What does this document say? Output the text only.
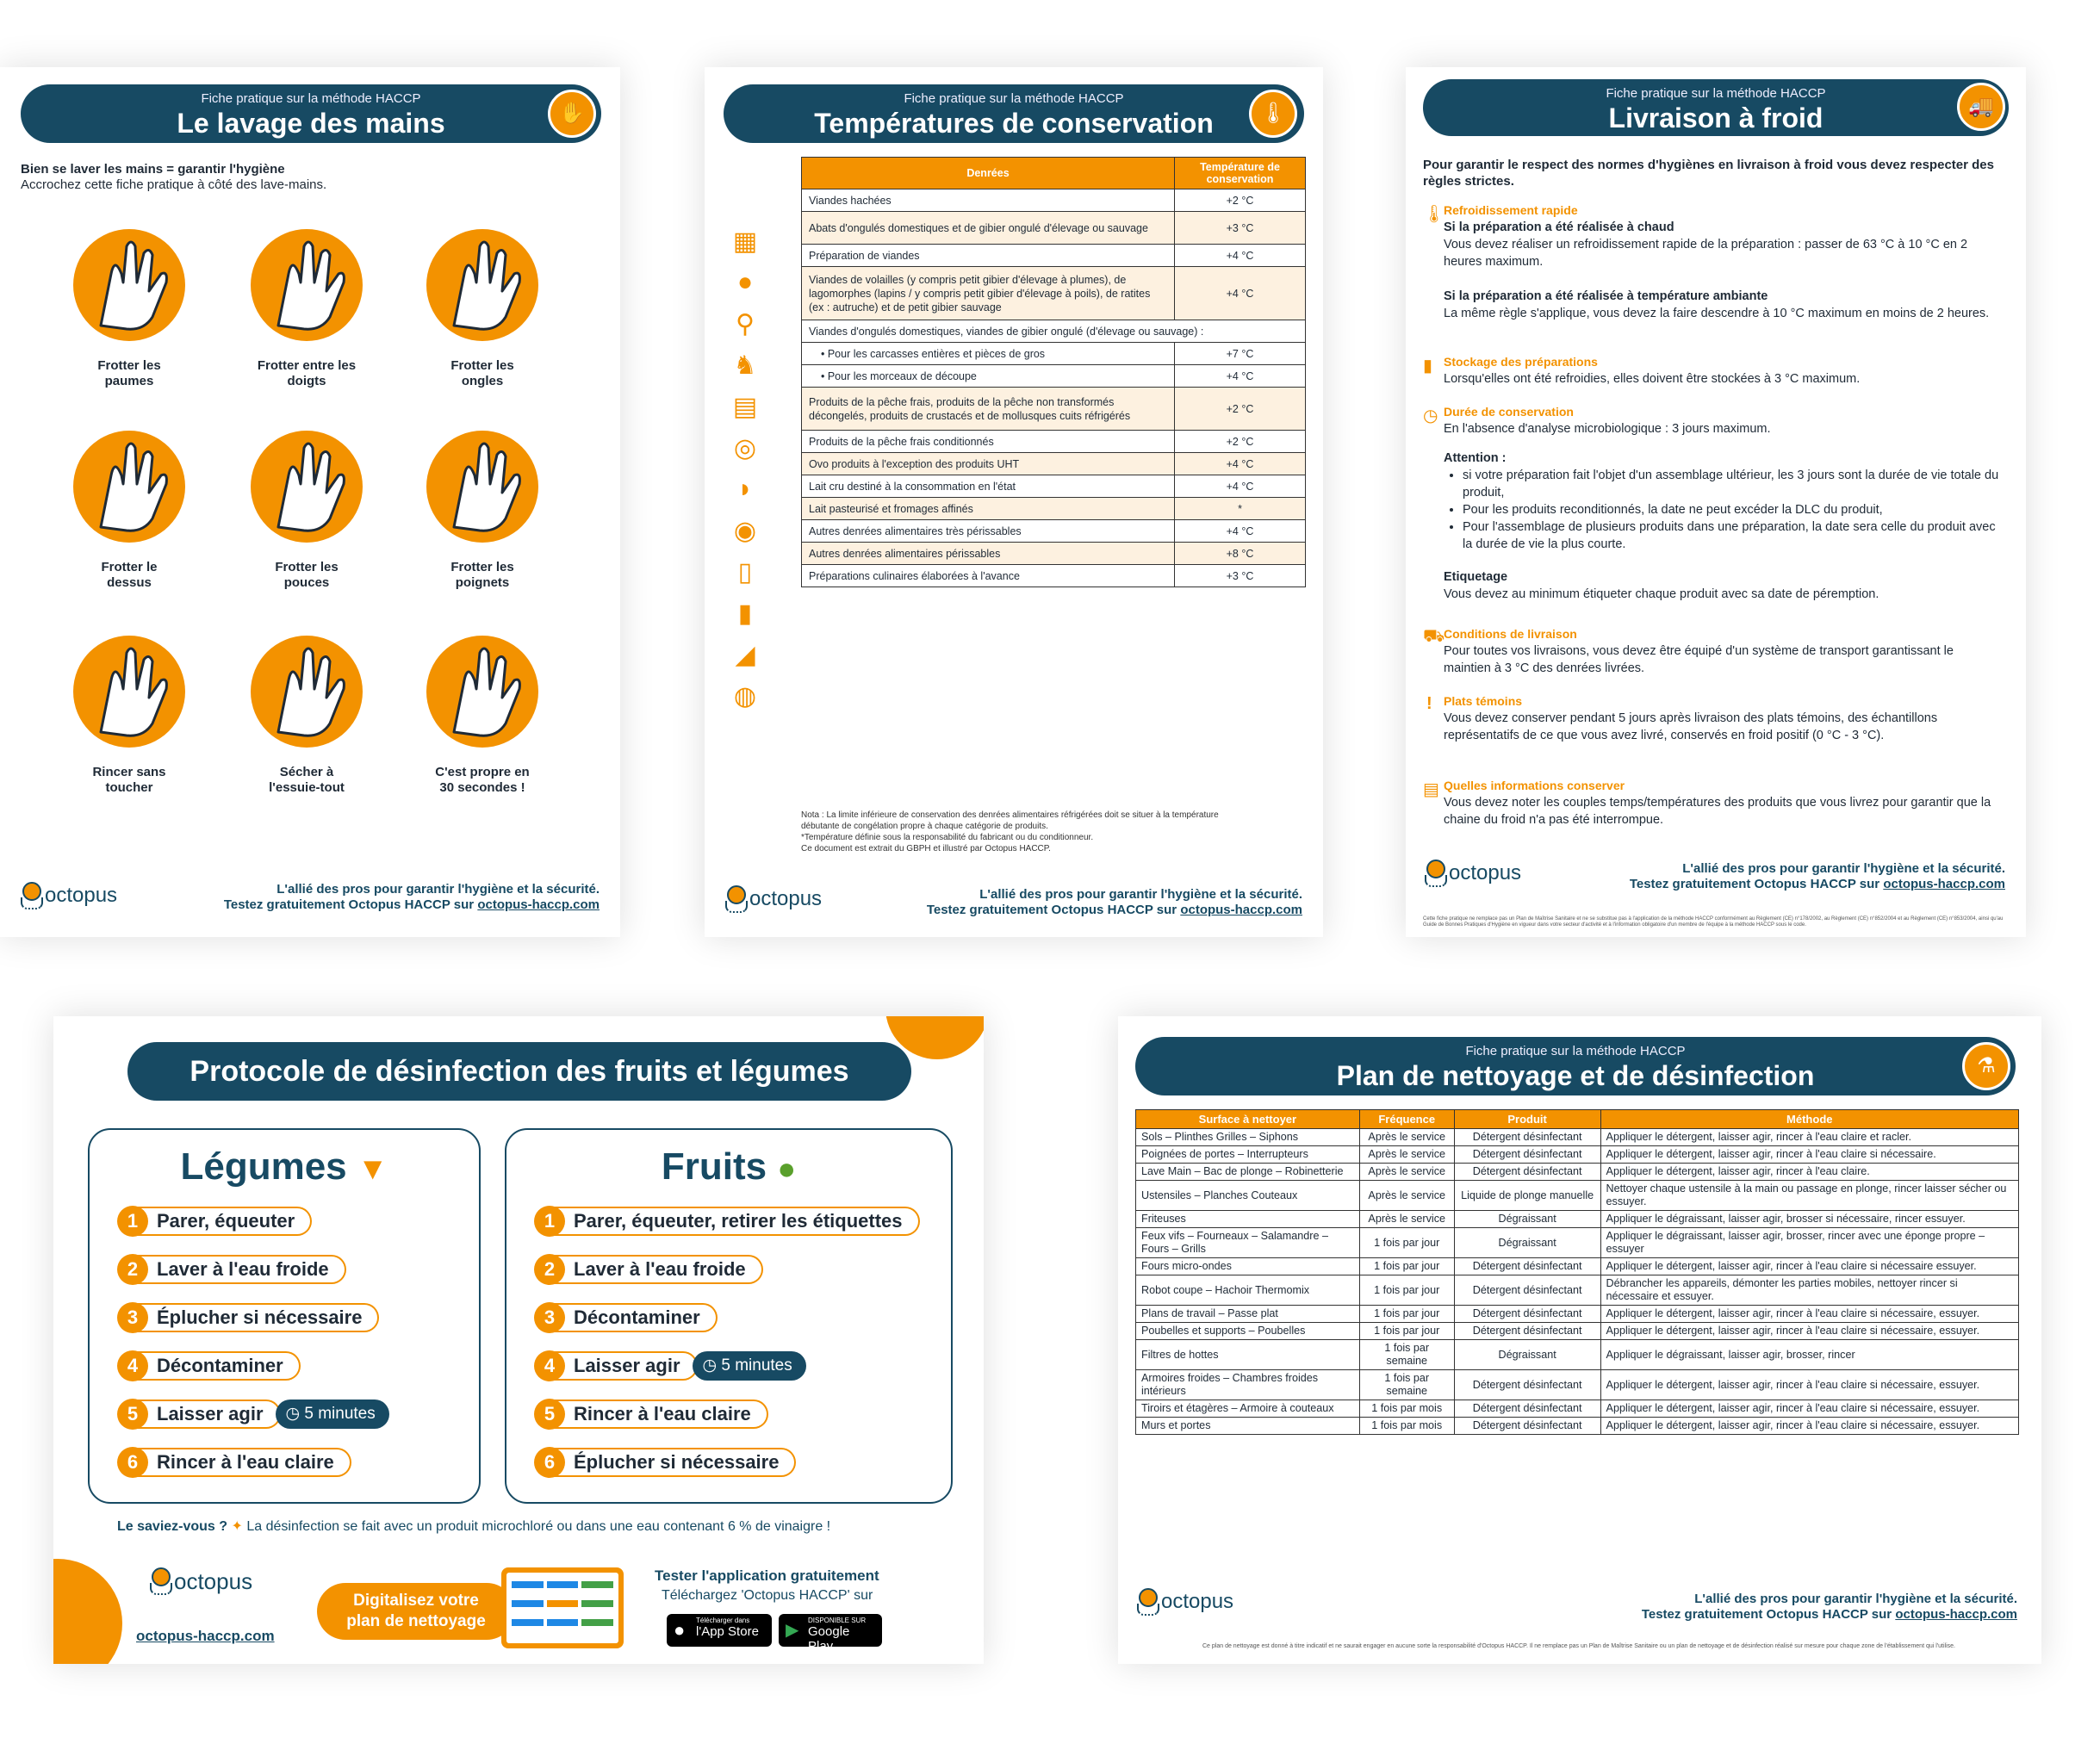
Fiche pratique sur la méthode HACCP
Le lavage des mains	✋
Bien se laver les mains = garantir l'hygiène
Accrochez cette fiche pratique à côté des lave-mains.
Frotter les
paumes
Frotter entre les
doigts
Frotter les
ongles
Frotter le
dessus
Frotter les
pouces
Frotter les
poignets
Rincer sans
toucher
Sécher à
l'essuie-tout
C'est propre en
30 secondes !
L'allié des pros pour garantir l'hygiène et la sécurité.
Testez gratuitement Octopus HACCP sur octopus-haccp.com
octopus
Fiche pratique sur la méthode HACCP
Températures de conservation	🌡
▦
●
⚲
♞
▤
◎
◗
◉
▯
▮
◢
◍
Denrées	Température de conservation
Viandes hachées	+2 °C
Abats d'ongulés domestiques et de gibier ongulé d'élevage ou sauvage	+3 °C
Préparation de viandes	+4 °C
Viandes de volailles (y compris petit gibier d'élevage à plumes), de lagomorphes (lapins / y compris petit gibier d'élevage à poils), de ratites (ex : autruche) et de petit gibier sauvage	+4 °C
Viandes d'ongulés domestiques, viandes de gibier ongulé (d'élevage ou sauvage) :	
• Pour les carcasses entières et pièces de gros	+7 °C
• Pour les morceaux de découpe	+4 °C
Produits de la pêche frais, produits de la pêche non transformés décongelés, produits de crustacés et de mollusques cuits réfrigérés	+2 °C
Produits de la pêche frais conditionnés	+2 °C
Ovo produits à l'exception des produits UHT	+4 °C
Lait cru destiné à la consommation en l'état	+4 °C
Lait pasteurisé et fromages affinés	*
Autres denrées alimentaires très périssables	+4 °C
Autres denrées alimentaires périssables	+8 °C
Préparations culinaires élaborées à l'avance	+3 °C
Nota : La limite inférieure de conservation des denrées alimentaires réfrigérées doit se situer à la température
débutante de congélation propre à chaque catégorie de produits.
*Température définie sous la responsabilité du fabricant ou du conditionneur.
Ce document est extrait du GBPH et illustré par Octopus HACCP.
L'allié des pros pour garantir l'hygiène et la sécurité.
Testez gratuitement Octopus HACCP sur octopus-haccp.com
octopus
Fiche pratique sur la méthode HACCP
Livraison à froid	🚚
Pour garantir le respect des normes d'hygiènes en livraison à froid vous devez respecter des règles strictes.
🌡
Refroidissement rapide
Si la préparation a été réalisée à chaud
Vous devez réaliser un refroidissement rapide de la préparation : passer de 63 °C à 10 °C en 2 heures maximum.
Si la préparation a été réalisée à température ambiante
La même règle s'applique, vous devez la faire descendre à 10 °C maximum en moins de 2 heures.
▮ Stockage des préparations
Lorsqu'elles ont été refroidies, elles doivent être stockées à 3 °C maximum.
◷ Durée de conservation
En l'absence d'analyse microbiologique : 3 jours maximum.
Attention :
• si votre préparation fait l'objet d'un assemblage ultérieur, les 3 jours sont la durée de vie totale du produit,
• Pour les produits reconditionnés, la date ne peut excéder la DLC du produit,
• Pour l'assemblage de plusieurs produits dans une préparation, la date sera celle du produit avec la durée de vie la plus courte.
Etiquetage
Vous devez au minimum étiqueter chaque produit avec sa date de péremption.
⛟
Conditions de livraison
Pour toutes vos livraisons, vous devez être équipé d'un système de transport garantissant le maintien à 3 °C des denrées livrées.
! Plats témoins
Vous devez conserver pendant 5 jours après livraison des plats témoins, des échantillons représentatifs de ce que vous avez livré, conservés en froid positif (0 °C - 3 °C).
▤ Quelles informations conserver
Vous devez noter les couples temps/températures des produits que vous livrez pour garantir que la chaine du froid n'a pas été interrompue.
L'allié des pros pour garantir l'hygiène et la sécurité.
Testez gratuitement Octopus HACCP sur octopus-haccp.com
octopus
Cette fiche pratique ne remplace pas un Plan de Maîtrise Sanitaire et ne se substitue pas à l'application de la méthode HACCP conformément au Règlement (CE) n°178/2002, au Règlement (CE) n°852/2004 et au Règlement (CE) n°853/2004, ainsi qu'au Guide de Bonnes Pratiques d'Hygiène en vigueur dans votre secteur d'activité et à l'information obligatoire d'un membre de l'équipe à la méthode HACCP sous le code.
Protocole de désinfection des fruits et légumes
Légumes ▼	Fruits ●
Le saviez-vous ? ✦ La désinfection se fait avec un produit microchloré ou dans une eau contenant 6 % de vinaigre !
octopus
octopus-haccp.com
Digitalisez votre plan de nettoyage
Tester l'application gratuitement
Téléchargez 'Octopus HACCP' sur
● Télécharger dans
l'App Store	▶
DISPONIBLE SUR
Google Play
Fiche pratique sur la méthode HACCP
Plan de nettoyage et de désinfection	⚗
Surface à nettoyer	Fréquence	Produit	Méthode
Sols – Plinthes Grilles – Siphons	Après le service	Détergent désinfectant	Appliquer le détergent, laisser agir, rincer à l'eau claire et racler.
Poignées de portes – Interrupteurs	Après le service	Détergent désinfectant	Appliquer le détergent, laisser agir, rincer à l'eau claire si nécessaire.
Lave Main – Bac de plonge – Robinetterie	Après le service	Détergent désinfectant	Appliquer le détergent, laisser agir, rincer à l'eau claire.
Ustensiles – Planches Couteaux	Après le service	Liquide de plonge manuelle	Nettoyer chaque ustensile à la main ou passage en plonge, rincer laisser sécher ou essuyer.
Friteuses	Après le service	Dégraissant	Appliquer le dégraissant, laisser agir, brosser si nécessaire, rincer essuyer.
Feux vifs – Fourneaux – Salamandre – Fours – Grills	1 fois par jour	Dégraissant	Appliquer le dégraissant, laisser agir, brosser, rincer avec une éponge propre –essuyer
Fours micro-ondes	1 fois par jour	Détergent désinfectant	Appliquer le détergent, laisser agir, rincer à l'eau claire si nécessaire essuyer.
Robot coupe – Hachoir Thermomix	1 fois par jour	Détergent désinfectant	Débrancher les appareils, démonter les parties mobiles, nettoyer rincer si nécessaire et essuyer.
Plans de travail – Passe plat	1 fois par jour	Détergent désinfectant	Appliquer le détergent, laisser agir, rincer à l'eau claire si nécessaire, essuyer.
Poubelles et supports – Poubelles	1 fois par jour	Détergent désinfectant	Appliquer le détergent, laisser agir, rincer à l'eau claire si nécessaire, essuyer.
Filtres de hottes	1 fois par semaine	Dégraissant	Appliquer le dégraissant, laisser agir, brosser, rincer
Armoires froides – Chambres froides intérieurs	1 fois par semaine	Détergent désinfectant	Appliquer le détergent, laisser agir, rincer à l'eau claire si nécessaire, essuyer.
Tiroirs et étagères – Armoire à couteaux	1 fois par mois	Détergent désinfectant	Appliquer le détergent, laisser agir, rincer à l'eau claire si nécessaire, essuyer.
Murs et portes	1 fois par mois	Détergent désinfectant	Appliquer le détergent, laisser agir, rincer à l'eau claire si nécessaire, essuyer.
L'allié des pros pour garantir l'hygiène et la sécurité.
Testez gratuitement Octopus HACCP sur octopus-haccp.com
octopus
Ce plan de nettoyage est donné à titre indicatif et ne saurait engager en aucune sorte la responsabilité d'Octopus HACCP. Il ne remplace pas un Plan de Maîtrise Sanitaire ou un plan de nettoyage et de désinfection réalisé sur mesure pour chaque zone de l'établissement qui l'utilise.
1 Parer, équeuter
2 Laver à l'eau froide
3 Éplucher si nécessaire
4 Décontaminer
5 Laisser agir	◷ 5 minutes
6 Rincer à l'eau claire
1 Parer, équeuter, retirer les étiquettes
2 Laver à l'eau froide
3 Décontaminer
4 Laisser agir	◷ 5 minutes
5 Rincer à l'eau claire
6 Éplucher si nécessaire
